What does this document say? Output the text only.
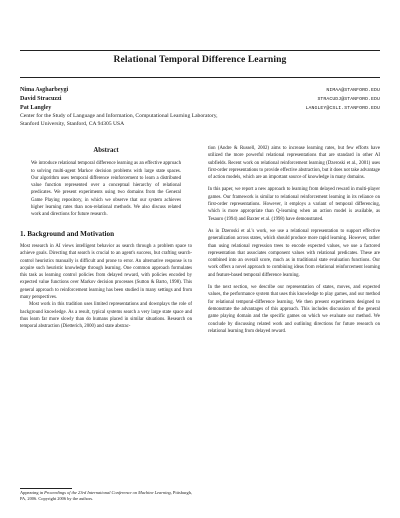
Relational Temporal Difference Learning
Nima Asgharbeygi	NIMAA@STANFORD.EDU
David Stracuzzi	STRACUDJ@STANFORD.EDU
Pat Langley	LANGLEY@CSLI.STANFORD.EDU
Center for the Study of Language and Information, Computational Learning Laboratory,
Stanford University, Stanford, CA 94305 USA
Abstract
We introduce relational temporal difference learning as an effective approach to solving multi-agent Markov decision problems with large state spaces. Our algorithm uses temporal difference reinforcement to learn a distributed value function represented over a conceptual hierarchy of relational predicates. We present experiments using two domains from the General Game Playing repository, in which we observe that our system achieves higher learning rates than non-relational methods. We also discuss related work and directions for future research.
1. Background and Motivation
Most research in AI views intelligent behavior as search through a problem space to achieve goals. Directing that search is crucial to an agent's success, but crafting search-control heuristics manually is difficult and prone to error. An alternative response is to acquire such heuristic knowledge through learning. One common approach formulates this task as learning control policies from delayed reward, with policies encoded by expected value functions over Markov decision processes (Sutton & Barto, 1998). This general approach to reinforcement learning has been studied in many settings and from many perspectives.
Most work in this tradition uses limited representations and downplays the role of background knowledge. As a result, typical systems search a very large state space and thus learn far more slowly than do humans placed in similar situations. Research on temporal abstraction (Dietterich, 2000) and state abstrac-
tion (Andre & Russell, 2002) aims to increase learning rates, but few efforts have utilized the more powerful relational representations that are standard in other AI subfields. Recent work on relational reinforcement learning (Dzeroski et al., 2001) uses first-order representations to provide effective abstraction, but it does not take advantage of action models, which are an important source of knowledge in many domains.
In this paper, we report a new approach to learning from delayed reward in multi-player games. Our framework is similar to relational reinforcement learning in its reliance on first-order representations. However, it employs a variant of temporal differencing, which is more appropriate than Q-learning when an action model is available, as Tesauro (1994) and Baxter et al. (1998) have demonstrated.
As in Dzeroski et al.'s work, we use a relational representation to support effective generalization across states, which should produce more rapid learning. However, rather than using relational regression trees to encode expected values, we use a factored representation that associates component values with relational predicates. These are combined into an overall score, much as in traditional state evaluation functions. Our work offers a novel approach to combining ideas from relational reinforcement learning and feature-based temporal difference learning.
In the next section, we describe our representation of states, moves, and expected values, the performance system that uses this knowledge to play games, and our method for relational temporal-difference learning. We then present experiments designed to demonstrate the advantages of this approach. This includes discussion of the general game playing domain and the specific games on which we evaluate our method. We conclude by discussing related work and outlining directions for future research on relational learning from delayed reward.
Appearing in Proceedings of the 23rd International Conference on Machine Learning, Pittsburgh, PA, 2006. Copyright 2006 by the authors.
